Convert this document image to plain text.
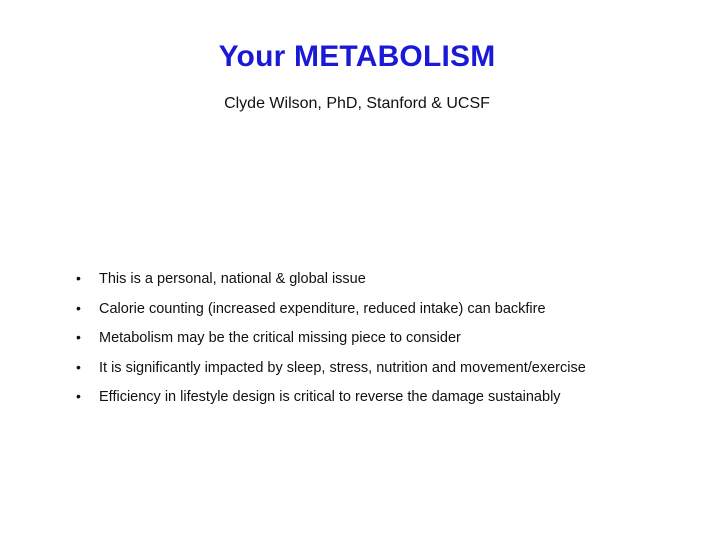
Your METABOLISM
Clyde Wilson, PhD, Stanford & UCSF
• This is a personal, national & global issue
• Calorie counting (increased expenditure, reduced intake) can backfire
• Metabolism may be the critical missing piece to consider
• It is significantly impacted by sleep, stress, nutrition and movement/exercise
• Efficiency in lifestyle design is critical to reverse the damage sustainably
